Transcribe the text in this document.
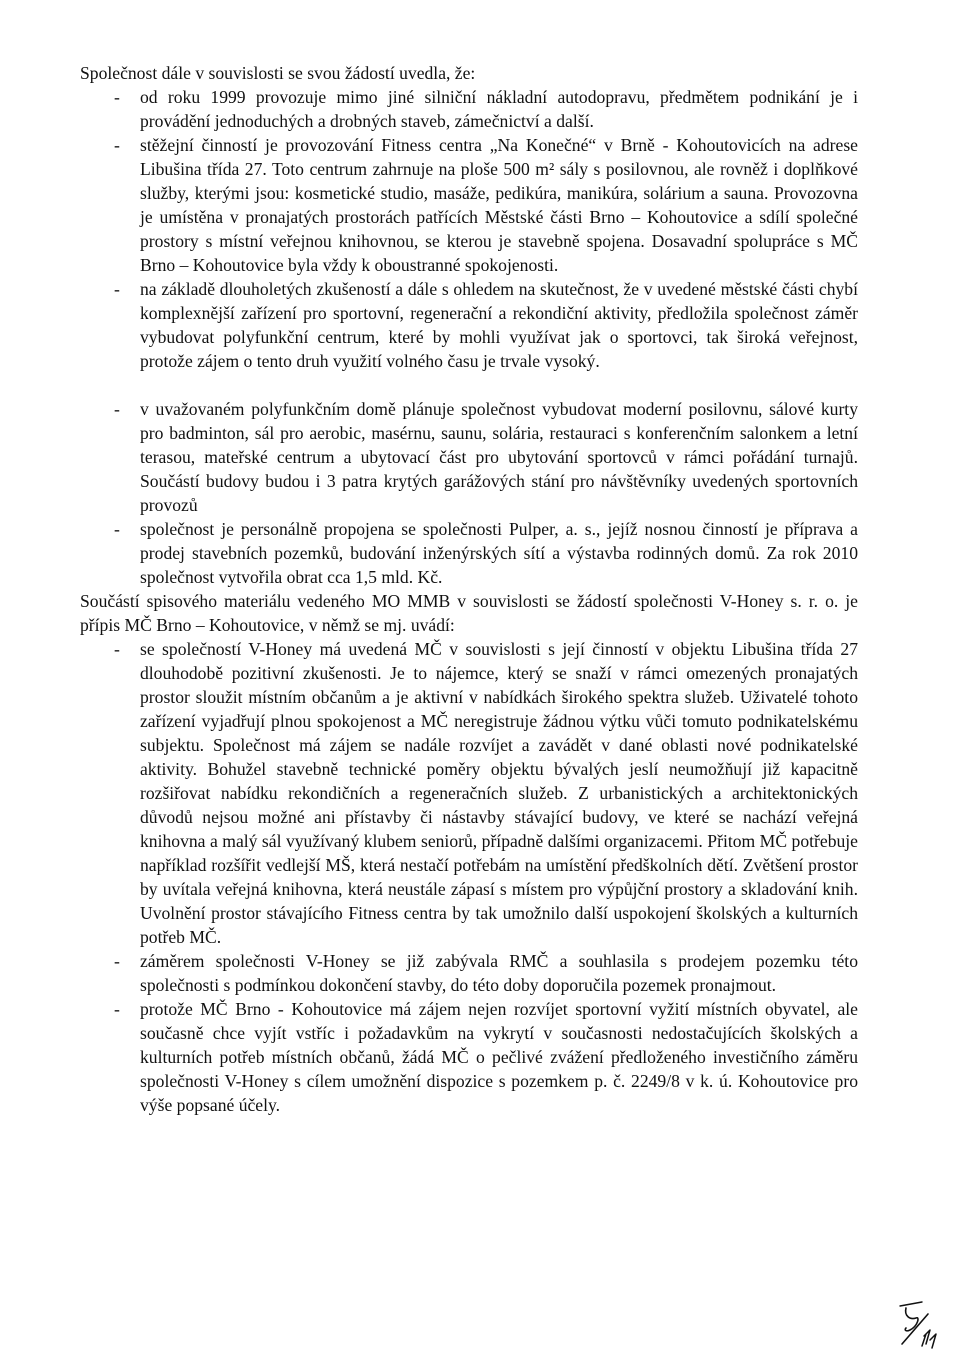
Společnost dále v souvislosti se svou žádostí uvedla, že:

- od roku 1999 provozuje mimo jiné silniční nákladní autodopravu, předmětem podnikání je i provádění jednoduchých a drobných staveb, zámečnictví a další.
- stěžejní činností je provozování Fitness centra „Na Konečné“ v Brně - Kohoutovicích na adrese Libušina třída 27. Toto centrum zahrnuje na ploše 500 m² sály s posilovnou, ale rovněž i doplňkové služby, kterými jsou: kosmetické studio, masáže, pedikúra, manikúra, solárium a sauna. Provozovna je umístěna v pronajatých prostorách patřících Městské části Brno – Kohoutovice a sdílí společné prostory s místní veřejnou knihovnou, se kterou je stavebně spojena. Dosavadní spolupráce s MČ Brno – Kohoutovice byla vždy k oboustranné spokojenosti.
- na základě dlouholetých zkušeností a dále s ohledem na skutečnost, že v uvedené městské části chybí komplexnější zařízení pro sportovní, regenerační a rekondiční aktivity, předložila společnost záměr vybudovat polyfunkční centrum, které by mohli využívat jak o sportovci, tak široká veřejnost, protože zájem o tento druh využití volného času je trvale vysoký.
- v uvažovaném polyfunkčním domě plánuje společnost vybudovat moderní posilovnu, sálové kurty pro badminton, sál pro aerobic, masérnu, saunu, solária, restauraci s konferenčním salonkem a letní terasou, mateřské centrum a ubytovací část pro ubytování sportovců v rámci pořádání turnajů. Součástí budovy budou i 3 patra krytých garážových stání pro návštěvníky uvedených sportovních provozů
- společnost je personálně propojena se společnosti Pulper, a. s., jejíž nosnou činností je příprava a prodej stavebních pozemků, budování inženýrských sítí a výstavba rodinných domů. Za rok 2010 společnost vytvořila obrat cca 1,5 mld. Kč.

Součástí spisového materiálu vedeného MO MMB v souvislosti se žádostí společnosti V-Honey s. r. o. je přípis MČ Brno – Kohoutovice, v němž se mj. uvádí:

- se společností V-Honey má uvedená MČ v souvislosti s její činností v objektu Libušina třída 27 dlouhodobě pozitivní zkušenosti. Je to nájemce, který se snaží v rámci omezených pronajatých prostor sloužit místním občanům a je aktivní v nabídkách širokého spektra služeb. Uživatelé tohoto zařízení vyjadřují plnou spokojenost a MČ neregistruje žádnou výtku vůči tomuto podnikatelskému subjektu. Společnost má zájem se nadále rozvíjet a zavádět v dané oblasti nové podnikatelské aktivity. Bohužel stavebně technické poměry objektu bývalých jeslí neumožňují již kapacitně rozšiřovat nabídku rekondičních a regeneračních služeb. Z urbanistických a architektonických důvodů nejsou možné ani přístavby či nástavby stávající budovy, ve které se nachází veřejná knihovna a malý sál využívaný klubem seniorů, případně dalšími organizacemi. Přitom MČ potřebuje například rozšířit vedlejší MŠ, která nestačí potřebám na umístění předškolních dětí. Zvětšení prostor by uvítala veřejná knihovna, která neustále zápasí s místem pro výpůjční prostory a skladování knih. Uvolnění prostor stávajícího Fitness centra by tak umožnilo další uspokojení školských a kulturních potřeb MČ.
- záměrem společnosti V-Honey se již zabývala RMČ a souhlasila s prodejem pozemku této společnosti s podmínkou dokončení stavby, do této doby doporučila pozemek pronajmout.
- protože MČ Brno - Kohoutovice má zájem nejen rozvíjet sportovní vyžití místních obyvatel, ale současně chce vyjít vstříc i požadavkům na vykrytí v současnosti nedostačujících školských a kulturních potřeb místních občanů, žádá MČ o pečlivé zvážení předloženého investičního záměru společnosti V-Honey s cílem umožnění dispozice s pozemkem p. č. 2249/8 v k. ú. Kohoutovice pro výše popsané účely.
